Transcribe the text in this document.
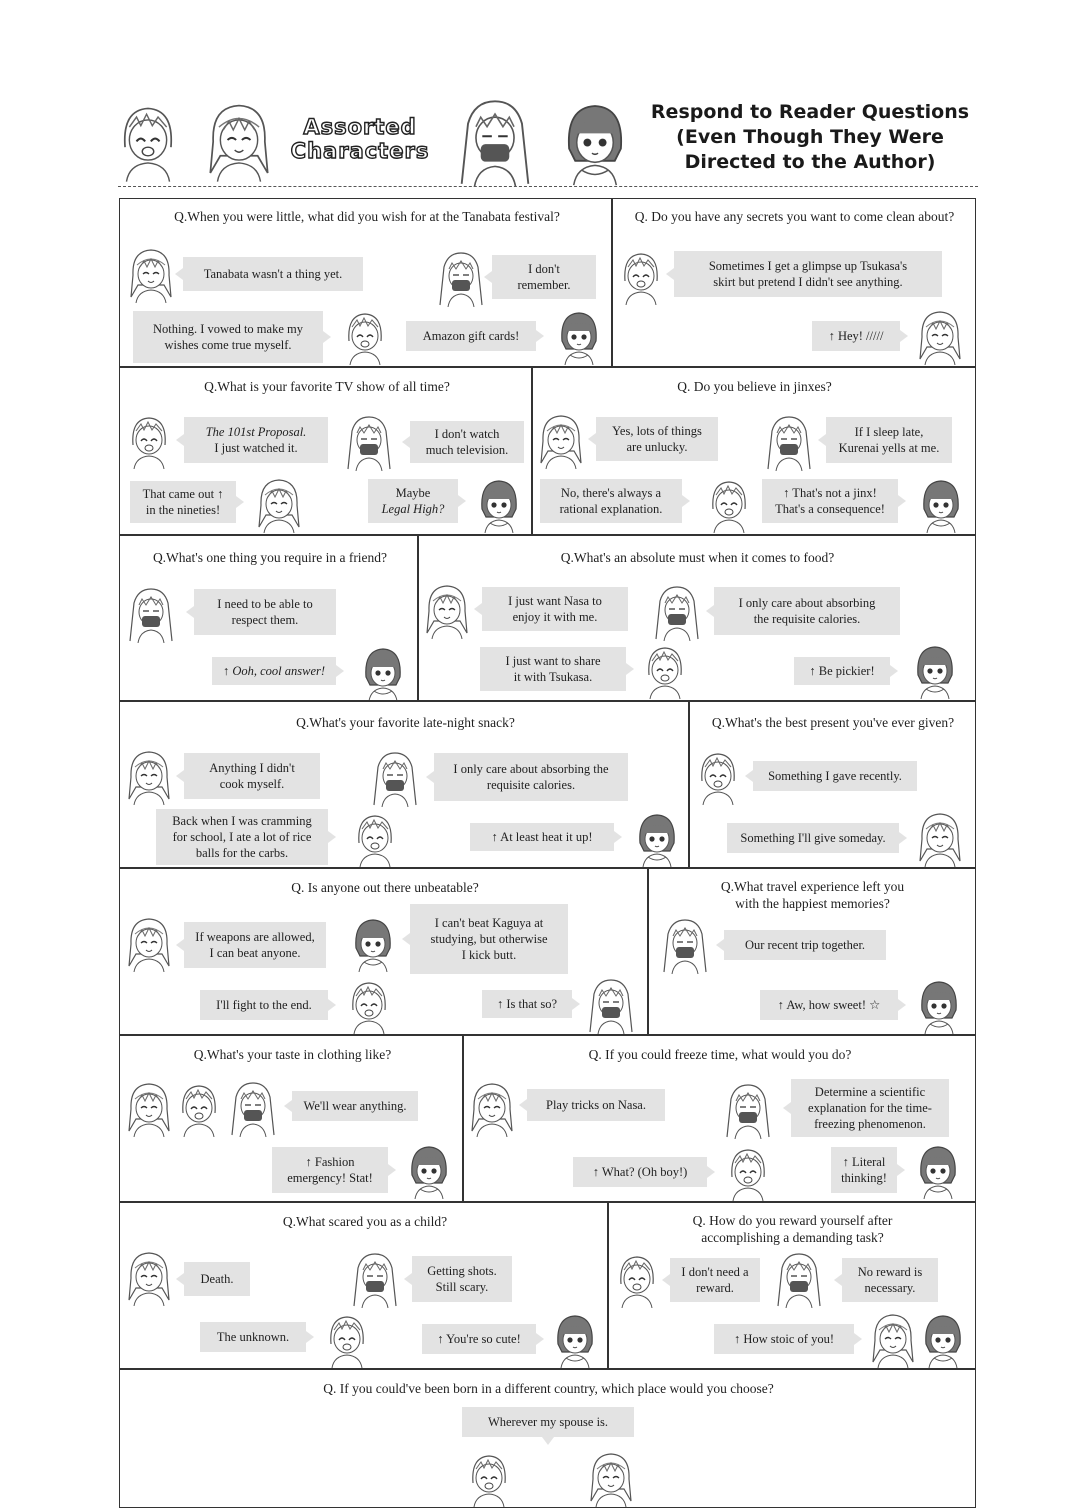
Assorted
Characters
Respond to Reader Questions
(Even Though They Were
Directed to the Author)
Q.When you were little, what did you wish for at the Tanabata festival?
Tanabata wasn't a thing yet.	I don't
remember.
Nothing. I vowed to make my
wishes come true myself.
Amazon gift cards!
Q. Do you have any secrets you want to come clean about?
Sometimes I get a glimpse up Tsukasa's
skirt but pretend I didn't see anything.
↑ Hey! /////
Q.What is your favorite TV show of all time?
The 101st Proposal.
I just watched it.
I don't watch
much television.
That came out ↑
in the nineties!
Maybe
Legal High?
Q. Do you believe in jinxes?
Yes, lots of things
are unlucky.
If I sleep late,
Kurenai yells at me.
No, there's always a
rational explanation.
↑ That's not a jinx!
That's a consequence!
Q.What's one thing you require in a friend?
I need to be able to
respect them.
↑ Ooh, cool answer!
Q.What's an absolute must when it comes to food?
I just want Nasa to
enjoy it with me.
I only care about absorbing
the requisite calories.
I just want to share
it with Tsukasa.	↑ Be pickier!
Q.What's your favorite late-night snack?
Anything I didn't
cook myself.
I only care about absorbing the
requisite calories.
Back when I was cramming
for school, I ate a lot of rice
balls for the carbs.
↑ At least heat it up!
Q.What's the best present you've ever given?
Something I gave recently.
Something I'll give someday.
Q. Is anyone out there unbeatable?
If weapons are allowed,
I can beat anyone.
I can't beat Kaguya at
studying, but otherwise
I kick butt.
I'll fight to the end.	↑ Is that so?
Q.What travel experience left you
with the happiest memories?
Our recent trip together.
↑ Aw, how sweet! ☆
Q.What's your taste in clothing like?
We'll wear anything.
↑ Fashion
emergency! Stat!
Q. If you could freeze time, what would you do?
Play tricks on Nasa.
Determine a scientific
explanation for the time-
freezing phenomenon.
↑ What? (Oh boy!)
↑ Literal
thinking!
Q.What scared you as a child?
Death.
Getting shots.
Still scary.
The unknown.	↑ You're so cute!
Q. How do you reward yourself after
accomplishing a demanding task?
I don't need a
reward.
No reward is
necessary.
↑ How stoic of you!
Q. If you could've been born in a different country, which place would you choose?
Wherever my spouse is.
